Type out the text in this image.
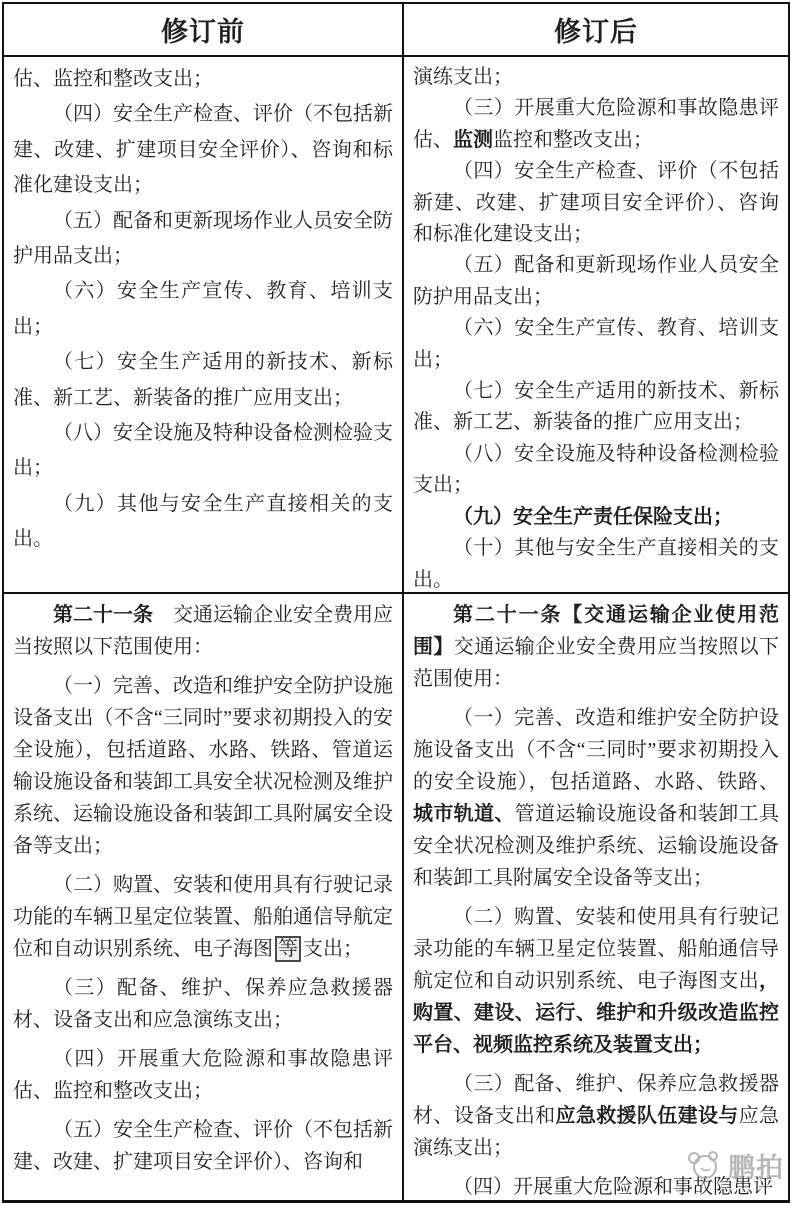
修订前	修订后

估、监控和整改支出；

（四）安全生产检查、评价（不包括新建、改建、扩建项目安全评价）、咨询和标准化建设支出；

（五）配备和更新现场作业人员安全防护用品支出；

（六）安全生产宣传、教育、培训支出；

（七）安全生产适用的新技术、新标准、新工艺、新装备的推广应用支出；

（八）安全设施及特种设备检测检验支出；

（九）其他与安全生产直接相关的支出。

演练支出；

（三）开展重大危险源和事故隐患评估、监测监控和整改支出；

（四）安全生产检查、评价（不包括新建、改建、扩建项目安全评价）、咨询和标准化建设支出；

（五）配备和更新现场作业人员安全防护用品支出；

（六）安全生产宣传、教育、培训支出；

（七）安全生产适用的新技术、新标准、新工艺、新装备的推广应用支出；

（八）安全设施及特种设备检测检验支出；

（九）安全生产责任保险支出；

（十）其他与安全生产直接相关的支出。

第二十一条　交通运输企业安全费用应当按照以下范围使用：

（一）完善、改造和维护安全防护设施设备支出（不含“三同时”要求初期投入的安全设施），包括道路、水路、铁路、管道运输设施设备和装卸工具安全状况检测及维护系统、运输设施设备和装卸工具附属安全设备等支出；

（二）购置、安装和使用具有行驶记录功能的车辆卫星定位装置、船舶通信导航定位和自动识别系统、电子海图 等 支出；

（三）配备、维护、保养应急救援器材、设备支出和应急演练支出；

（四）开展重大危险源和事故隐患评估、监控和整改支出；

（五）安全生产检查、评价（不包括新建、改建、扩建项目安全评价）、咨询和

第二十一条【交通运输企业使用范围】交通运输企业安全费用应当按照以下范围使用：

（一）完善、改造和维护安全防护设施设备支出（不含“三同时”要求初期投入的安全设施），包括道路、水路、铁路、城市轨道、管道运输设施设备和装卸工具安全状况检测及维护系统、运输设施设备和装卸工具附属安全设备等支出；

（二）购置、安装和使用具有行驶记录功能的车辆卫星定位装置、船舶通信导航定位和自动识别系统、电子海图支出，购置、建设、运行、维护和升级改造监控平台、视频监控系统及装置支出；

（三）配备、维护、保养应急救援器材、设备支出和应急救援队伍建设与应急演练支出；

（四）开展重大危险源和事故隐患评

鹏拍
